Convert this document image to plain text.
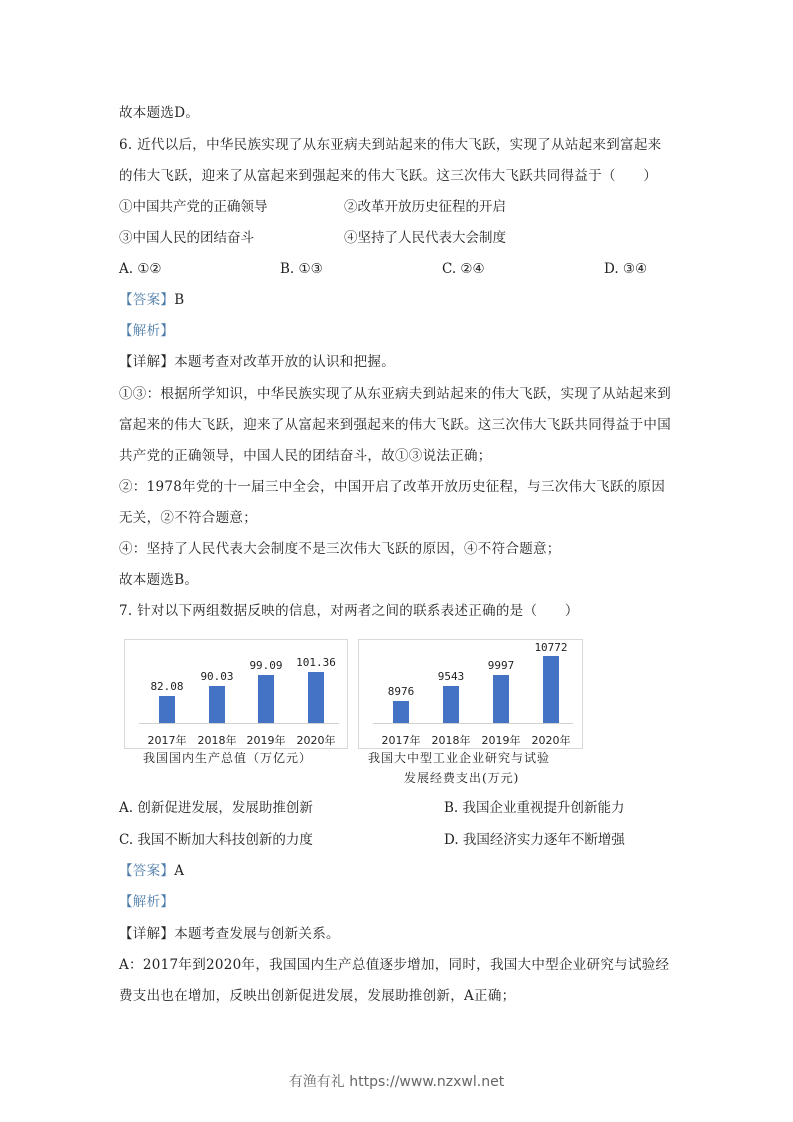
故本题选D。
6. 近代以后，中华民族实现了从东亚病夫到站起来的伟大飞跃，实现了从站起来到富起来
的伟大飞跃，迎来了从富起来到强起来的伟大飞跃。这三次伟大飞跃共同得益于（　　）
①中国共产党的正确领导	②改革开放历史征程的开启
③中国人民的团结奋斗	④坚持了人民代表大会制度
A. ①②	B. ①③	C. ②④	D. ③④
【答案】B
【解析】
【详解】本题考查对改革开放的认识和把握。
①③：根据所学知识，中华民族实现了从东亚病夫到站起来的伟大飞跃，实现了从站起来到
富起来的伟大飞跃，迎来了从富起来到强起来的伟大飞跃。这三次伟大飞跃共同得益于中国
共产党的正确领导，中国人民的团结奋斗，故①③说法正确；
②：1978年党的十一届三中全会，中国开启了改革开放历史征程，与三次伟大飞跃的原因
无关，②不符合题意；
④：坚持了人民代表大会制度不是三次伟大飞跃的原因，④不符合题意；
故本题选B。
7. 针对以下两组数据反映的信息，对两者之间的联系表述正确的是（　　）
82.08
90.03
99.09	101.36
2017年	2018年 2019年	2020年
我国国内生产总值（万亿元）
8976
9543
9997
10772
2017年	2018年	2019年	2020年
我国大中型工业企业研究与试验
发展经费支出(万元)
A. 创新促进发展，发展助推创新	B. 我国企业重视提升创新能力
C. 我国不断加大科技创新的力度	D. 我国经济实力逐年不断增强
【答案】A
【解析】
【详解】本题考查发展与创新关系。
A：2017年到2020年，我国国内生产总值逐步增加，同时，我国大中型企业研究与试验经
费支出也在增加，反映出创新促进发展，发展助推创新，A正确；
有渔有礼 https://www.nzxwl.net
